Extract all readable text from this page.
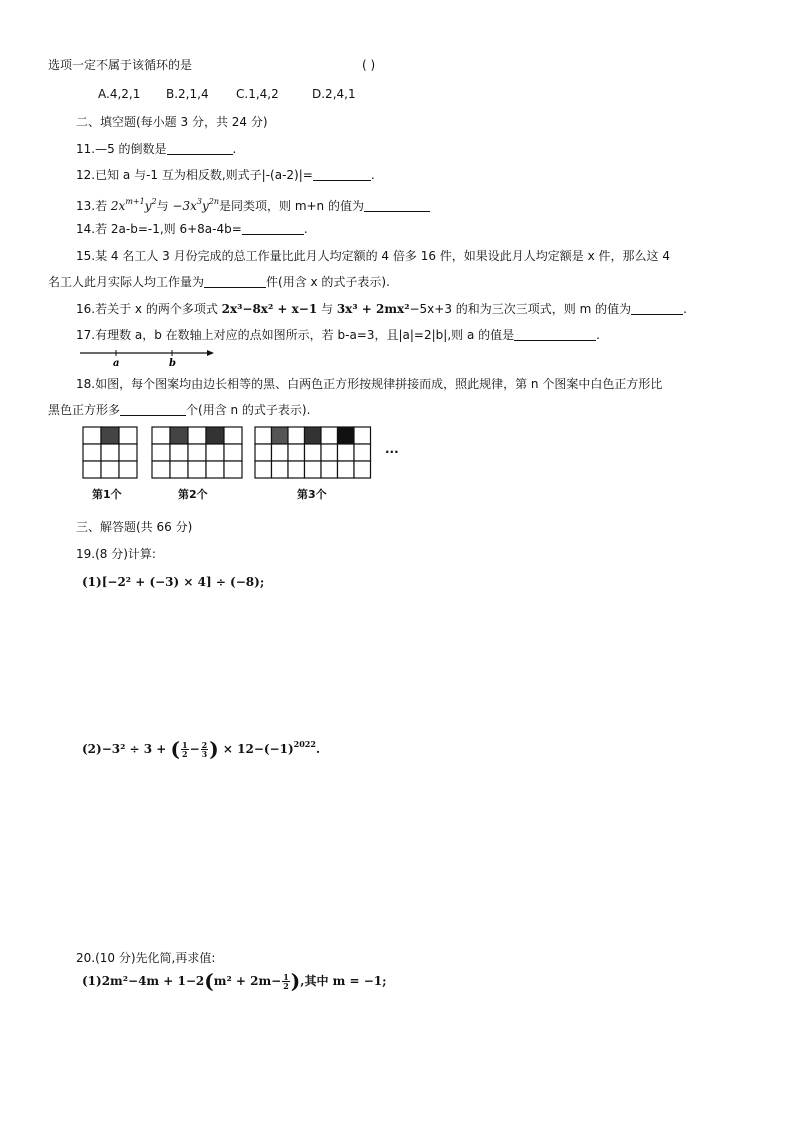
选项一定不属于该循环的是	( )
A.4,2,1 B.2,1,4 C.1,4,2	D.2,4,1
二、填空题(每小题 3 分，共 24 分)
11.—5 的倒数是	.
12.已知 a 与-1 互为相反数,则式子|-(a-2)|=	.
13.若 $2x^{m+1}y^2$与 $-3x^3y^{2n}$是同类项，则 m+n 的值为
14.若 2a-b=-1,则 6+8a-4b=	.
15.某 4 名工人 3 月份完成的总工作量比此月人均定额的 4 倍多 16 件，如果设此月人均定额是 x 件，那么这 4
名工人此月实际人均工作量为	件(用含 x 的式子表示).
16.若关于 x 的两个多项式 2x³−8x² + x−1 与 3x³ + 2mx²−5x+3 的和为三次三项式，则 m 的值为	.
17.有理数 a，b 在数轴上对应的点如图所示，若 b-a=3，且|a|=2|b|,则 a 的值是	.
a	b
18.如图，每个图案均由边长相等的黑、白两色正方形按规律拼接而成，照此规律，第 n 个图案中白色正方形比
黑色正方形多	个(用含 n 的式子表示).
第1个	第2个	第3个
···
三、解答题(共 66 分)
19.(8 分)计算:
(1)[−2² + (−3) × 4] ÷ (−8);
(2)−3² ÷ 3 + ( $\frac{1}{2} - \frac{2}{3}$ ) × $12-(-1)^{2022}$.
20.(10 分)先化简,再求值:
$(1)2m^2-4m + 1-2(m^2 + 2m- \frac{1}{2}$ ),其中 m = −1;
